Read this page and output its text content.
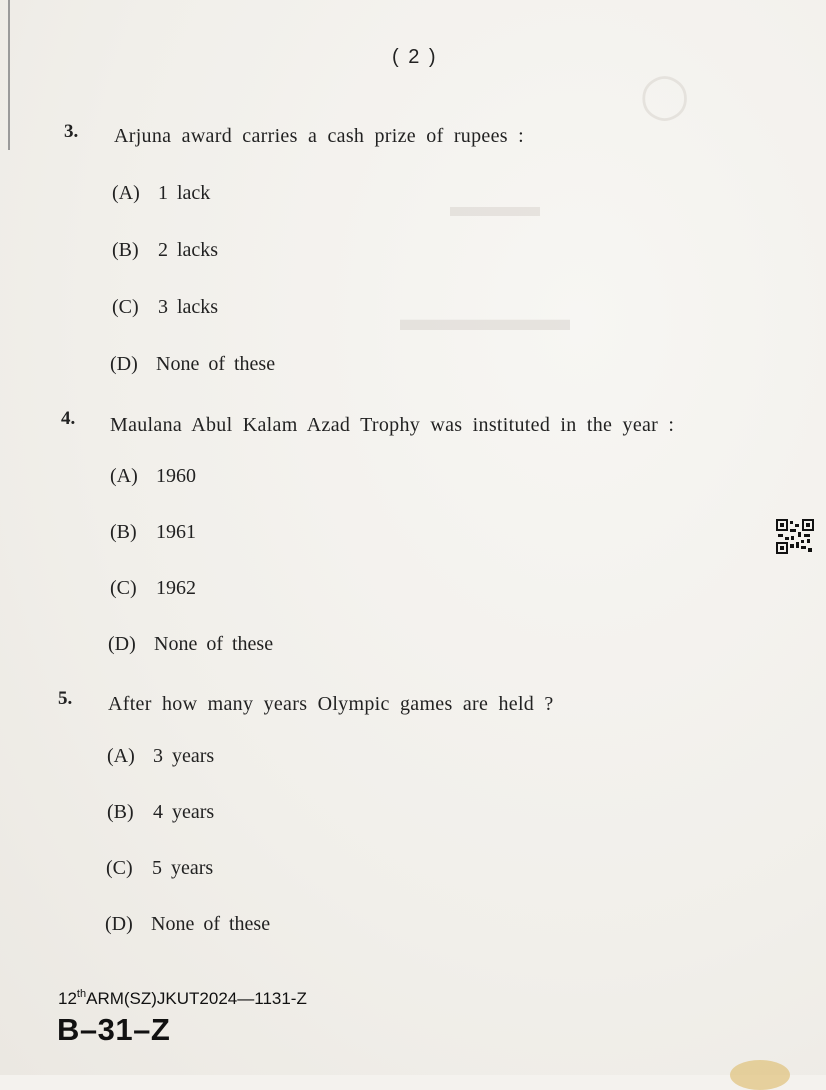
◯
▬▬▬
▬▬▬▬▬
( 2 )
3. Arjuna award carries a cash prize of rupees :
(A) 1 lack
(B) 2 lacks
(C) 3 lacks
(D) None of these
4. Maulana Abul Kalam Azad Trophy was instituted in the year :
(A) 1960
(B) 1961
(C) 1962
(D) None of these
5. After how many years Olympic games are held ?
(A) 3 years
(B) 4 years
(C) 5 years
(D) None of these
12thARM(SZ)JKUT2024—1131-Z
B–31–Z
